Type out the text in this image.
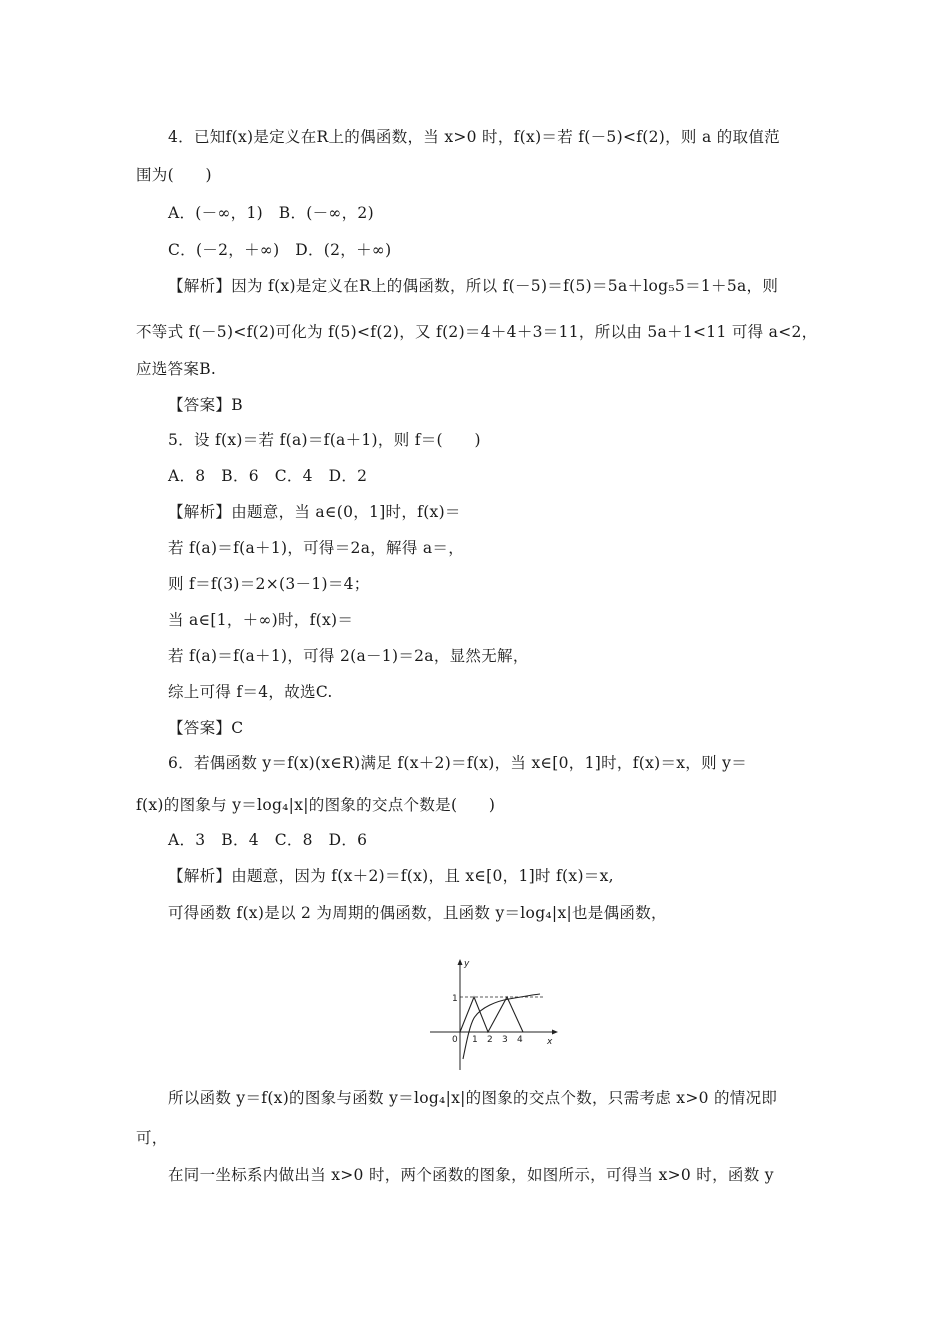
4．已知f(x)是定义在R上的偶函数，当 x>0 时，f(x)＝若 f(－5)<f(2)，则 a 的取值范
围为(　　)
A．(－∞，1)　B．(－∞，2)
C．(－2，＋∞)　D．(2，＋∞)
【解析】因为 f(x)是定义在R上的偶函数，所以 f(－5)＝f(5)＝5a＋log₅5＝1＋5a，则
不等式 f(－5)<f(2)可化为 f(5)<f(2)，又 f(2)＝4＋4＋3＝11，所以由 5a＋1<11 可得 a<2，
应选答案B.
【答案】B
5．设 f(x)＝若 f(a)＝f(a＋1)，则 f＝(　　)
A．8　B．6　C．4　D．2
【解析】由题意，当 a∈(0，1]时，f(x)＝
若 f(a)＝f(a＋1)，可得＝2a，解得 a＝，
则 f＝f(3)＝2×(3－1)＝4；
当 a∈[1，＋∞)时，f(x)＝
若 f(a)＝f(a＋1)，可得 2(a－1)＝2a，显然无解，
综上可得 f＝4，故选C.
【答案】C
6．若偶函数 y＝f(x)(x∈R)满足 f(x＋2)＝f(x)，当 x∈[0，1]时，f(x)＝x，则 y＝
f(x)的图象与 y＝log₄|x|的图象的交点个数是(　　)
A．3　B．4　C．8　D．6
【解析】由题意，因为 f(x＋2)＝f(x)，且 x∈[0，1]时 f(x)＝x,
可得函数 f(x)是以 2 为周期的偶函数，且函数 y＝log₄|x|也是偶函数，
y
x
1
0 1 2 3 4
所以函数 y＝f(x)的图象与函数 y＝log₄|x|的图象的交点个数，只需考虑 x>0 的情况即
可，
在同一坐标系内做出当 x>0 时，两个函数的图象，如图所示，可得当 x>0 时，函数 y
